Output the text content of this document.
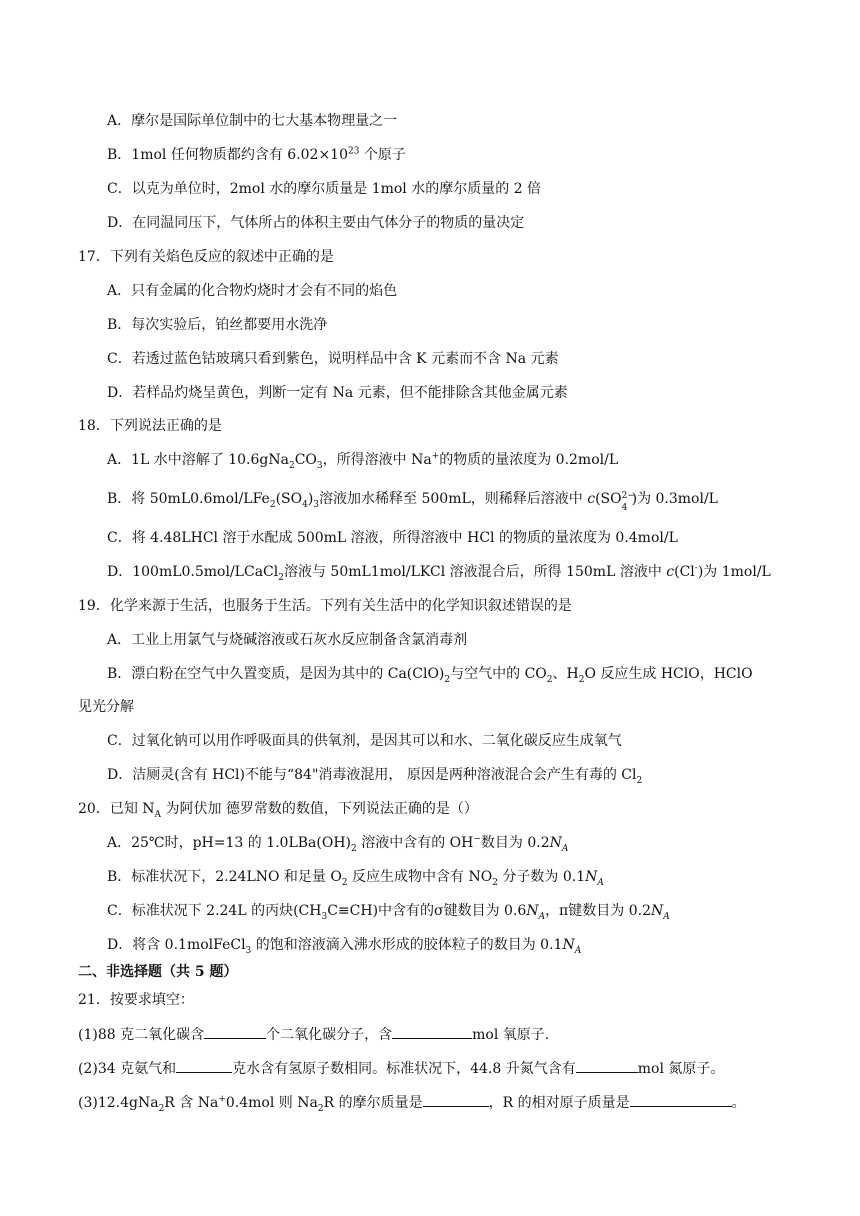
A．摩尔是国际单位制中的七大基本物理量之一
B．1mol 任何物质都约含有 $6.02\times 10^{23}$ 个原子
C．以克为单位时，2mol 水的摩尔质量是 1mol 水的摩尔质量的 2 倍
D．在同温同压下，气体所占的体积主要由气体分子的物质的量决定
17．下列有关焰色反应的叙述中正确的是
A．只有金属的化合物灼烧时才会有不同的焰色
B．每次实验后，铂丝都要用水洗净
C．若透过蓝色钴玻璃只看到紫色，说明样品中含 K 元素而不含 Na 元素
D．若样品灼烧呈黄色，判断一定有 Na 元素，但不能排除含其他金属元素
18．下列说法正确的是
A．1L 水中溶解了 $10.6gNa_2CO_3$，所得溶液中 Na+的物质的量浓度为 0.2mol/L
B．将 $50mL0.6mol/LFe_2(SO_4)_3$溶液加水稀释至 500mL，则稀释后溶液中 c(SO 2−
4
)为 0.3mol/L
C．将 4.48LHCl 溶于水配成 500mL 溶液，所得溶液中 HCl 的物质的量浓度为 0.4mol/L
D．100mL0.5mol/LCaCl$_2$溶液与 50mL1mol/LKCl 溶液混合后，所得 150mL 溶液中 c(Cl-)为 1mol/L
19．化学来源于生活，也服务于生活。下列有关生活中的化学知识叙述错误的是
A．工业上用氯气与烧碱溶液或石灰水反应制备含氯消毒剂
B．漂白粉在空气中久置变质，是因为其中的 $Ca(ClO)_2$与空气中的 $CO_2$、$H_2O$ 反应生成 HClO，HClO
见光分解
C．过氧化钠可以用作呼吸面具的供氧剂，是因其可以和水、二氧化碳反应生成氧气
D．洁厕灵(含有 HCl)不能与“84"消毒液混用， 原因是两种溶液混合会产生有毒的 $Cl_2$
20．已知 $N_A$ 为阿伏加 德罗常数的数值，下列说法正确的是（）
A．25℃时，pH=13 的 $1.0LBa(OH)_2$ 溶液中含有的 OH−数目为 $0.2N_A$
B．标准状况下，2.24LNO 和足量 $O_2$ 反应生成物中含有 $NO_2$ 分子数为 $0.1N_A$
C．标准状况下 2.24L 的丙炔$(CH_3C\equiv CH)$中含有的σ键数目为 $0.6N_A$，π键数目为 $0.2N_A$
D．将含 0.1molFeCl$_3$ 的饱和溶液滴入沸水形成的胶体粒子的数目为 $0.1N_A$
二、非选择题（共 5 题）
21．按要求填空：
(1)88 克二氧化碳含	个二氧化碳分子，含	mol 氧原子.
(2)34 克氨气和	克水含有氢原子数相同。标准状况下，44.8 升氮气含有	mol 氮原子。
(3)12.4gNa$_2$R 含 Na+0.4mol 则 $Na_2R$ 的摩尔质量是	，R 的相对原子质量是	。
